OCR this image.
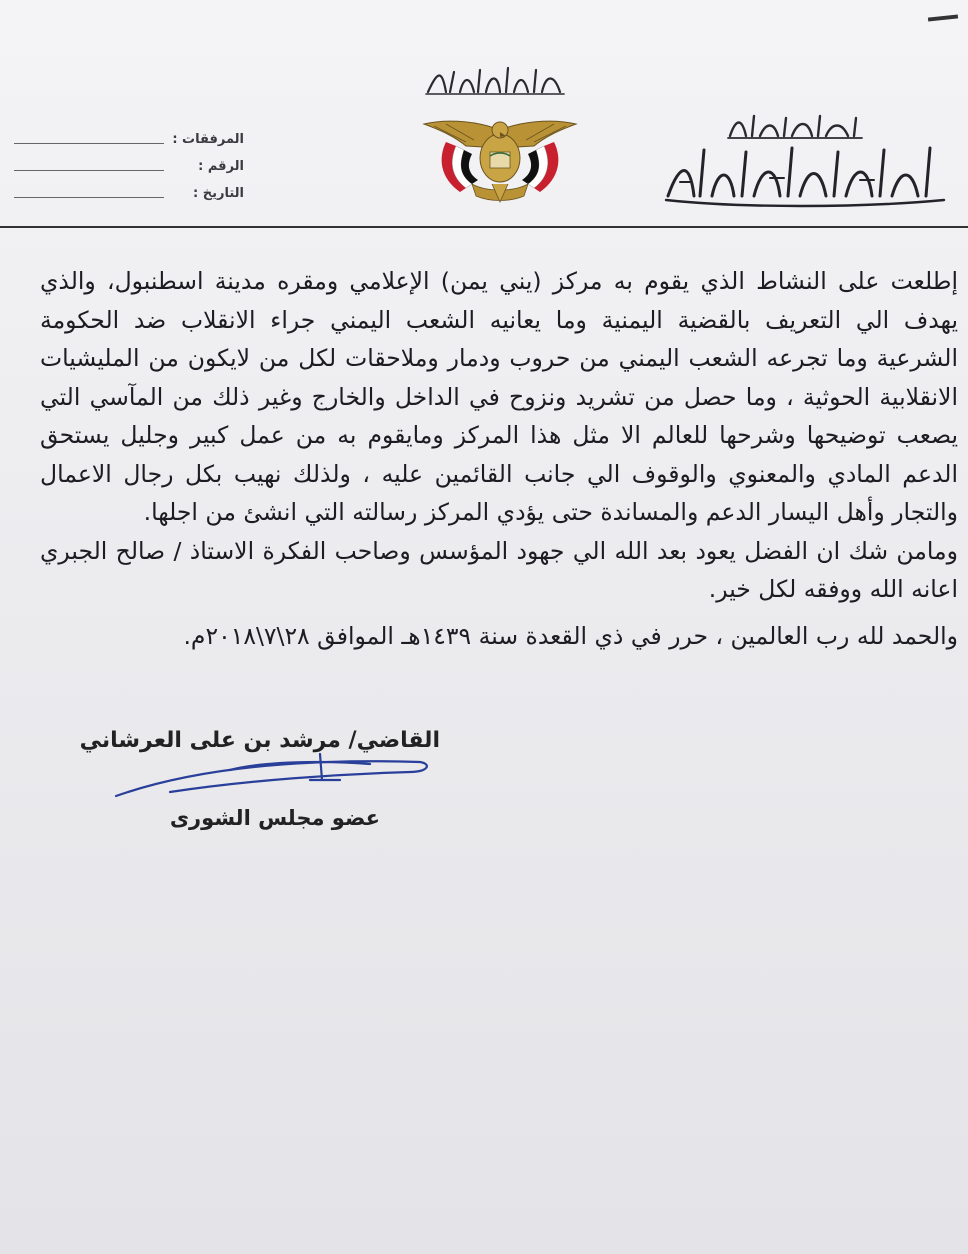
المرفقات :
الرقم :
التاريخ :

إطلعت على النشاط الذي يقوم به مركز (يني يمن) الإعلامي ومقره مدينة اسطنبول، والذي يهدف الي التعريف بالقضية اليمنية وما يعانيه الشعب اليمني جراء الانقلاب ضد الحكومة الشرعية وما تجرعه الشعب اليمني من حروب ودمار وملاحقات لكل من لايكون من المليشيات الانقلابية الحوثية ، وما حصل من تشريد ونزوح في الداخل والخارج وغير ذلك من المآسي التي يصعب توضيحها وشرحها للعالم الا مثل هذا المركز ومايقوم به من عمل كبير وجليل يستحق الدعم المادي والمعنوي والوقوف الي جانب القائمين عليه ، ولذلك نهيب بكل رجال الاعمال والتجار وأهل اليسار الدعم والمساندة حتى يؤدي المركز رسالته التي انشئ من اجلها.

ومامن شك ان الفضل يعود بعد الله الي جهود المؤسس وصاحب الفكرة الاستاذ / صالح الجبري اعانه الله ووفقه لكل خير.

والحمد لله رب العالمين ، حرر في ذي القعدة سنة ١٤٣٩هـ الموافق ٢٨\٧\٢٠١٨م.

القاضي/ مرشد بن على العرشاني
عضو مجلس الشورى
